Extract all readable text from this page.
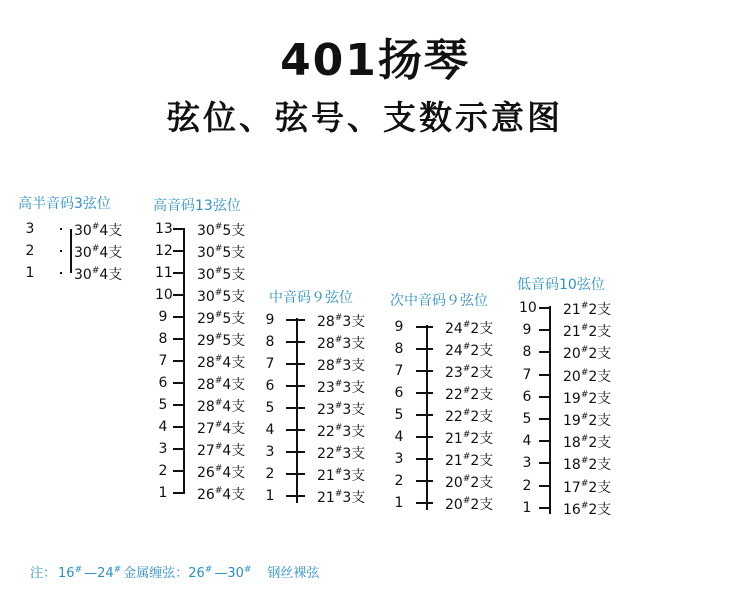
401扬琴
弦位、弦号、支数示意图
高半音码3弦位
3	30#4支
2	30#4支
1	30#4支
高音码13弦位
13 30#5支
12 30#5支
11 30#5支
10 30#5支
9 29#5支
8 29#5支
7 28#4支
6 28#4支
5 28#4支
4 27#4支
3 27#4支
2 26#4支
1 26#4支
中音码９弦位
9	28#3支
8	28#3支
7	28#3支
6	23#3支
5	23#3支
4	22#3支
3	22#3支
2	21#3支
1	21#3支
次中音码９弦位
9	24#2支
8	24#2支
7	23#2支
6	22#2支
5	22#2支
4	21#2支
3	21#2支
2	20#2支
1	20#2支
低音码10弦位
10 21#2支
9 21#2支
8 20#2支
7 20#2支
6 19#2支
5 19#2支
4 18#2支
3 18#2支
2 17#2支
1 16#2支
注： 16# —24# 金属缠弦：26# —30# 钢丝裸弦
